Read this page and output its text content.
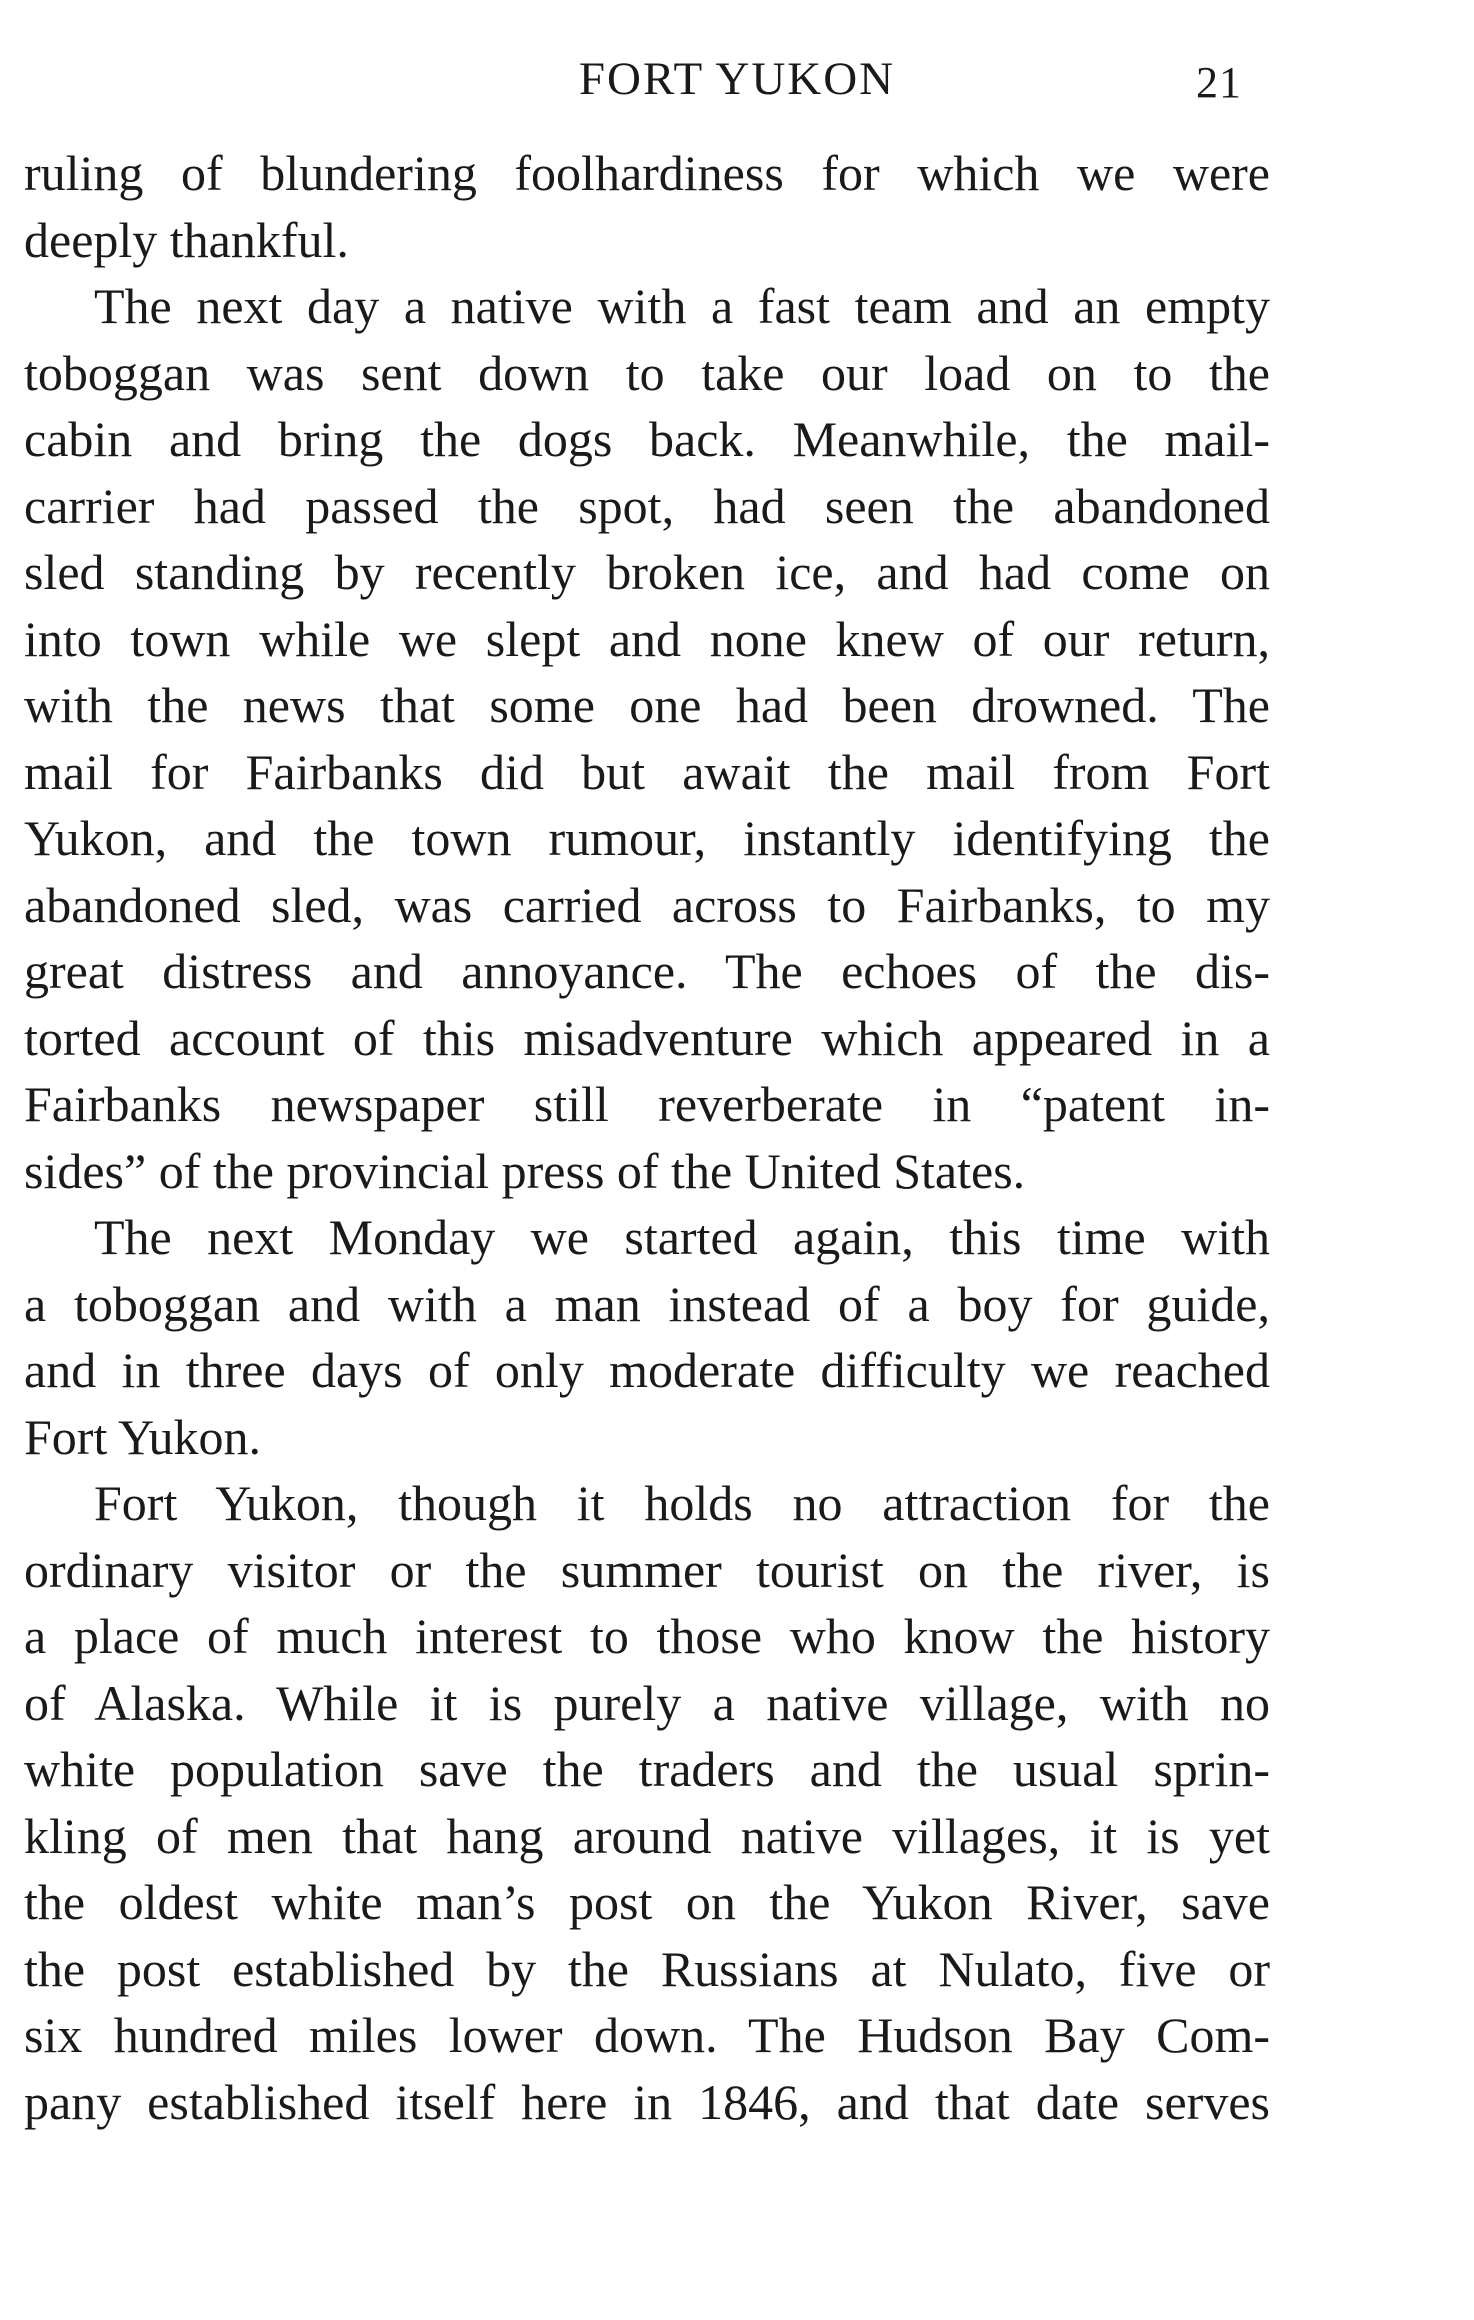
FORT YUKON	21

ruling of blundering foolhardiness for which we were
deeply thankful.

The next day a native with a fast team and an empty
toboggan was sent down to take our load on to the
cabin and bring the dogs back. Meanwhile, the mail-
carrier had passed the spot, had seen the abandoned
sled standing by recently broken ice, and had come on
into town while we slept and none knew of our return,
with the news that some one had been drowned. The
mail for Fairbanks did but await the mail from Fort
Yukon, and the town rumour, instantly identifying the
abandoned sled, was carried across to Fairbanks, to my
great distress and annoyance. The echoes of the dis-
torted account of this misadventure which appeared in a
Fairbanks newspaper still reverberate in “patent in-
sides” of the provincial press of the United States.

The next Monday we started again, this time with
a toboggan and with a man instead of a boy for guide,
and in three days of only moderate difficulty we reached
Fort Yukon.

Fort Yukon, though it holds no attraction for the
ordinary visitor or the summer tourist on the river, is
a place of much interest to those who know the history
of Alaska. While it is purely a native village, with no
white population save the traders and the usual sprin-
kling of men that hang around native villages, it is yet
the oldest white man’s post on the Yukon River, save
the post established by the Russians at Nulato, five or
six hundred miles lower down. The Hudson Bay Com-
pany established itself here in 1846, and that date serves
